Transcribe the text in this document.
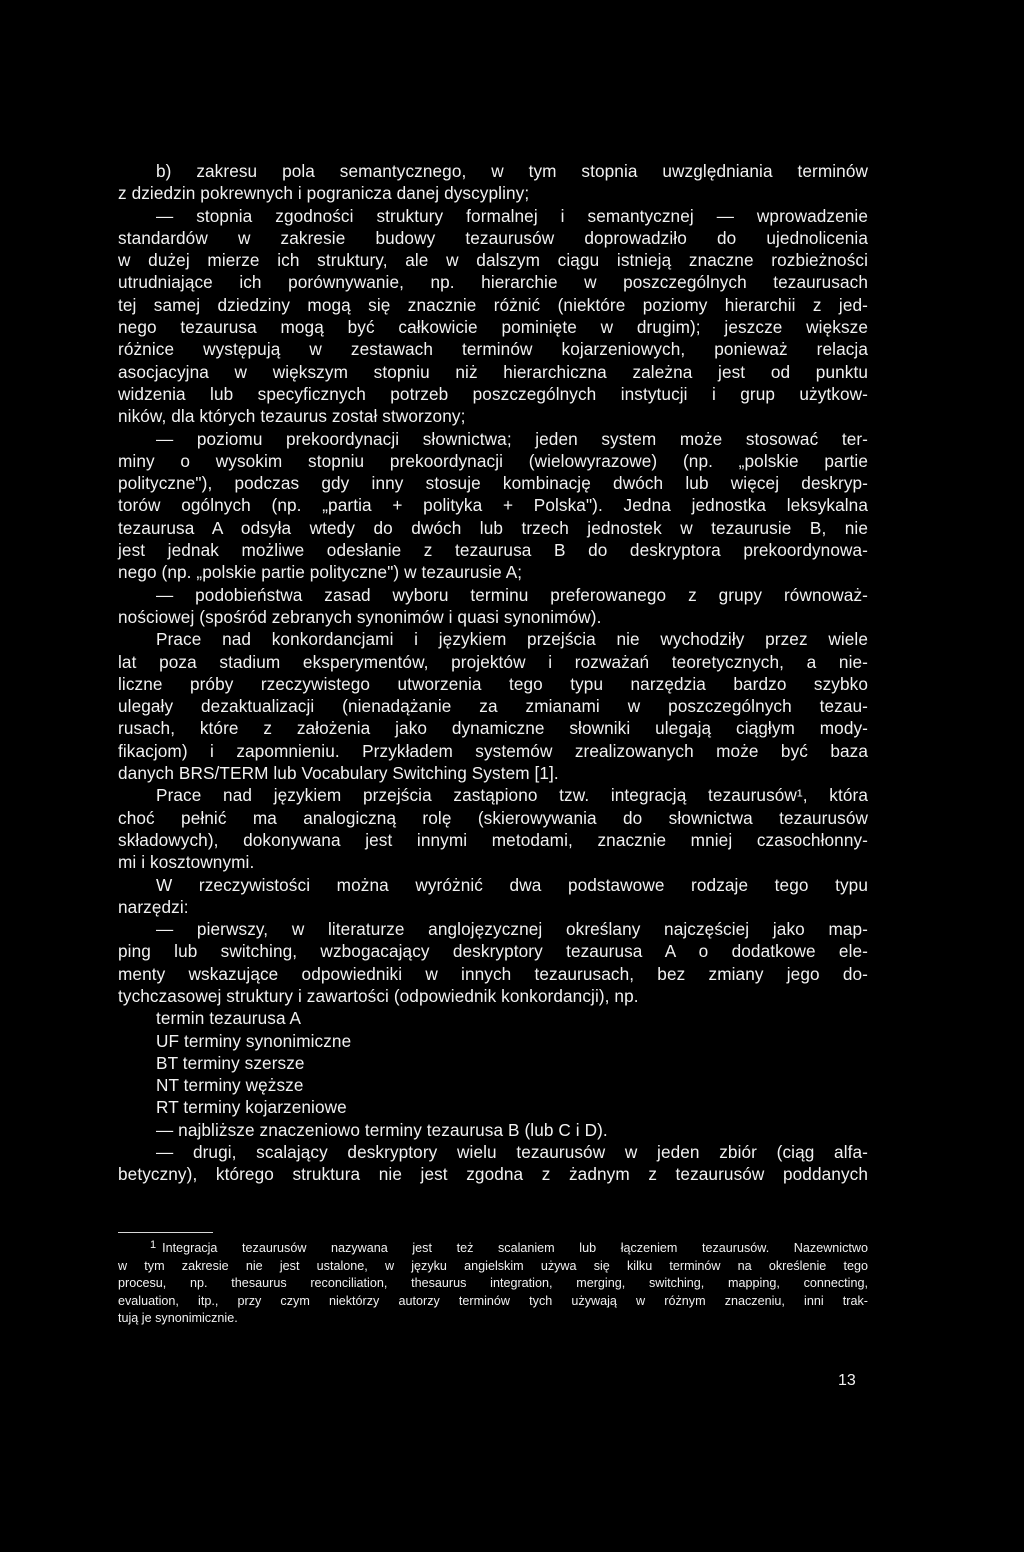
b) zakresu pola semantycznego, w tym stopnia uwzględniania terminów
z dziedzin pokrewnych i pogranicza danej dyscypliny;
— stopnia zgodności struktury formalnej i semantycznej — wprowadzenie
standardów w zakresie budowy tezaurusów doprowadziło do ujednolicenia
w dużej mierze ich struktury, ale w dalszym ciągu istnieją znaczne rozbieżności
utrudniające ich porównywanie, np. hierarchie w poszczególnych tezaurusach
tej samej dziedziny mogą się znacznie różnić (niektóre poziomy hierarchii z jed-
nego tezaurusa mogą być całkowicie pominięte w drugim); jeszcze większe
różnice występują w zestawach terminów kojarzeniowych, ponieważ relacja
asocjacyjna w większym stopniu niż hierarchiczna zależna jest od punktu
widzenia lub specyficznych potrzeb poszczególnych instytucji i grup użytkow-
ników, dla których tezaurus został stworzony;
— poziomu prekoordynacji słownictwa; jeden system może stosować ter-
miny o wysokim stopniu prekoordynacji (wielowyrazowe) (np. „polskie partie
polityczne"), podczas gdy inny stosuje kombinację dwóch lub więcej deskryp-
torów ogólnych (np. „partia + polityka + Polska"). Jedna jednostka leksykalna
tezaurusa A odsyła wtedy do dwóch lub trzech jednostek w tezaurusie B, nie
jest jednak możliwe odesłanie z tezaurusa B do deskryptora prekoordynowa-
nego (np. „polskie partie polityczne") w tezaurusie A;
— podobieństwa zasad wyboru terminu preferowanego z grupy równoważ-
nościowej (spośród zebranych synonimów i quasi synonimów).
Prace nad konkordancjami i językiem przejścia nie wychodziły przez wiele
lat poza stadium eksperymentów, projektów i rozważań teoretycznych, a nie-
liczne próby rzeczywistego utworzenia tego typu narzędzia bardzo szybko
ulegały dezaktualizacji (nienadążanie za zmianami w poszczególnych tezau-
rusach, które z założenia jako dynamiczne słowniki ulegają ciągłym mody-
fikacjom) i zapomnieniu. Przykładem systemów zrealizowanych może być baza
danych BRS/TERM lub Vocabulary Switching System [1].
Prace nad językiem przejścia zastąpiono tzw. integracją tezaurusów¹, która
choć pełnić ma analogiczną rolę (skierowywania do słownictwa tezaurusów
składowych), dokonywana jest innymi metodami, znacznie mniej czasochłonny-
mi i kosztownymi.
W rzeczywistości można wyróżnić dwa podstawowe rodzaje tego typu
narzędzi:
— pierwszy, w literaturze anglojęzycznej określany najczęściej jako map-
ping lub switching, wzbogacający deskryptory tezaurusa A o dodatkowe ele-
menty wskazujące odpowiedniki w innych tezaurusach, bez zmiany jego do-
tychczasowej struktury i zawartości (odpowiednik konkordancji), np.
termin tezaurusa A
UF terminy synonimiczne
BT terminy szersze
NT terminy węższe
RT terminy kojarzeniowe
— najbliższe znaczeniowo terminy tezaurusa B (lub C i D).
— drugi, scalający deskryptory wielu tezaurusów w jeden zbiór (ciąg alfa-
betyczny), którego struktura nie jest zgodna z żadnym z tezaurusów poddanych
1 Integracja tezaurusów nazywana jest też scalaniem lub łączeniem tezaurusów. Nazewnictwo
w tym zakresie nie jest ustalone, w języku angielskim używa się kilku terminów na określenie tego
procesu, np. thesaurus reconciliation, thesaurus integration, merging, switching, mapping, connecting,
evaluation, itp., przy czym niektórzy autorzy terminów tych używają w różnym znaczeniu, inni trak-
tują je synonimicznie.
13
